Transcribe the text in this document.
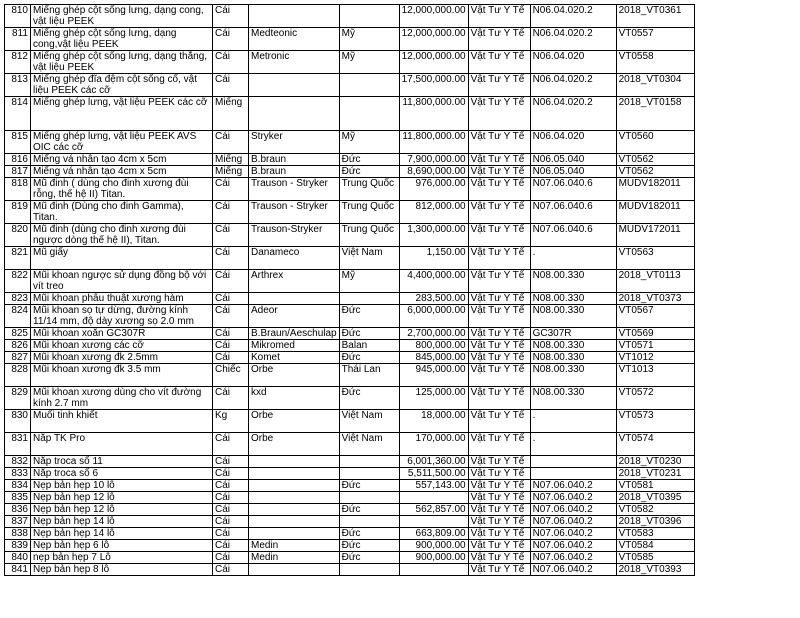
810	Miếng ghép cột sống lưng, dạng cong, vật liệu PEEK	Cái			12,000,000.00	Vật Tư Y Tế	N06.04.020.2	2018_VT0361
811	Miếng ghép cột sống lưng, dạng cong,vật liệu PEEK	Cái	Medteonic	Mỹ	12,000,000.00	Vật Tư Y Tế	N06.04.020.2	VT0557
812	Miếng ghép cột sống lưng, dạng thẳng, vật liệu PEEK	Cái	Metronic	Mỹ	12,000,000.00	Vật Tư Y Tế	N06.04.020	VT0558
813	Miếng ghép đĩa đệm cột sống cổ, vật liệu PEEK các cỡ	Cái			17,500,000.00	Vật Tư Y Tế	N06.04.020.2	2018_VT0304
814	Miếng ghép lưng, vật liệu PEEK các cỡ	Miếng			11,800,000.00	Vật Tư Y Tế	N06.04.020.2	2018_VT0158
815	Miếng ghép lưng, vật liệu PEEK AVS OIC các cỡ	Cái	Stryker	Mỹ	11,800,000.00	Vật Tư Y Tế	N06.04.020	VT0560
816	Miếng vá nhân tạo 4cm x 5cm	Miếng	B.braun	Đức	7,900,000.00	Vật Tư Y Tế	N06.05.040	VT0562
817	Miếng vá nhân tạo 4cm x 5cm	Miếng	B.braun	Đức	8,690,000.00	Vật Tư Y Tế	N06.05.040	VT0562
818	Mũ đinh ( dùng cho đinh xương đùi rỗng, thế hệ II) Titan.	Cái	Trauson - Stryker	Trung Quốc	976,000.00	Vật Tư Y Tế	N07.06.040.6	MUDV182011
819	Mũ đinh (Dùng cho đinh Gamma), Titan.	Cái	Trauson - Stryker	Trung Quốc	812,000.00	Vật Tư Y Tế	N07.06.040.6	MUDV182011
820	Mũ đinh (dùng cho đinh xương đùi ngược dòng thế hệ II), Titan.	Cái	Trauson-Stryker	Trung Quốc	1,300,000.00	Vật Tư Y Tế	N07.06.040.6	MUDV172011
821	Mũ giấy	Cái	Danameco	Việt Nam	1,150.00	Vật Tư Y Tế	.	VT0563
822	Mũi khoan ngược sử dụng đồng bộ với vít treo	Cái	Arthrex	Mỹ	4,400,000.00	Vật Tư Y Tế	N08.00.330	2018_VT0113
823	Mũi khoan phẫu thuật xương hàm	Cái			283,500.00	Vật Tư Y Tế	N08.00.330	2018_VT0373
824	Mũi khoan sọ tự dừng, đường kính 11/14 mm, độ dày xương sọ 2.0 mm	Cái	Adeor	Đức	6,000,000.00	Vật Tư Y Tế	N08.00.330	VT0567
825	Mũi khoan xoắn GC307R	Cái	B.Braun/Aeschulap	Đức	2,700,000.00	Vật Tư Y Tế	GC307R	VT0569
826	Mũi khoan xương các cỡ	Cái	Mikromed	Balan	800,000.00	Vật Tư Y Tế	N08.00.330	VT0571
827	Mũi khoan xương đk 2.5mm	Cái	Komet	Đức	845,000.00	Vật Tư Y Tế	N08.00.330	VT1012
828	Mũi khoan xương đk 3.5 mm	Chiếc	Orbe	Thái Lan	945,000.00	Vật Tư Y Tế	N08.00.330	VT1013
829	Mũi khoan xương dùng cho vít đường kính 2.7 mm	Cái	kxd	Đức	125,000.00	Vật Tư Y Tế	N08.00.330	VT0572
830	Muối tinh khiết	Kg	Orbe	Việt Nam	18,000.00	Vật Tư Y Tế	.	VT0573
831	Nắp TK Pro	Cái	Orbe	Việt Nam	170,000.00	Vật Tư Y Tế	.	VT0574
832	Nắp troca số 11	Cái			6,001,360.00	Vật Tư Y Tế		2018_VT0230
833	Nắp troca số 6	Cái			5,511,500.00	Vật Tư Y Tế		2018_VT0231
834	Nẹp bản hẹp 10 lỗ	Cái		Đức	557,143.00	Vật Tư Y Tế	N07.06.040.2	VT0581
835	Nẹp bản hẹp 12 lỗ	Cái				Vật Tư Y Tế	N07.06.040.2	2018_VT0395
836	Nẹp bản hẹp 12 lỗ	Cái		Đức	562,857.00	Vật Tư Y Tế	N07.06.040.2	VT0582
837	Nẹp bản hẹp 14 lỗ	Cái				Vật Tư Y Tế	N07.06.040.2	2018_VT0396
838	Nẹp bản hẹp 14 lỗ	Cái		Đức	663,809.00	Vật Tư Y Tế	N07.06.040.2	VT0583
839	Nẹp bản hẹp 6 lỗ	Cái	Medin	Đức	900,000.00	Vật Tư Y Tế	N07.06.040.2	VT0584
840	nẹp bản hẹp 7 Lỗ	Cái	Medin	Đức	900,000.00	Vật Tư Y Tế	N07.06.040.2	VT0585
841	Nẹp bản hẹp 8 lỗ	Cái				Vật Tư Y Tế	N07.06.040.2	2018_VT0393
